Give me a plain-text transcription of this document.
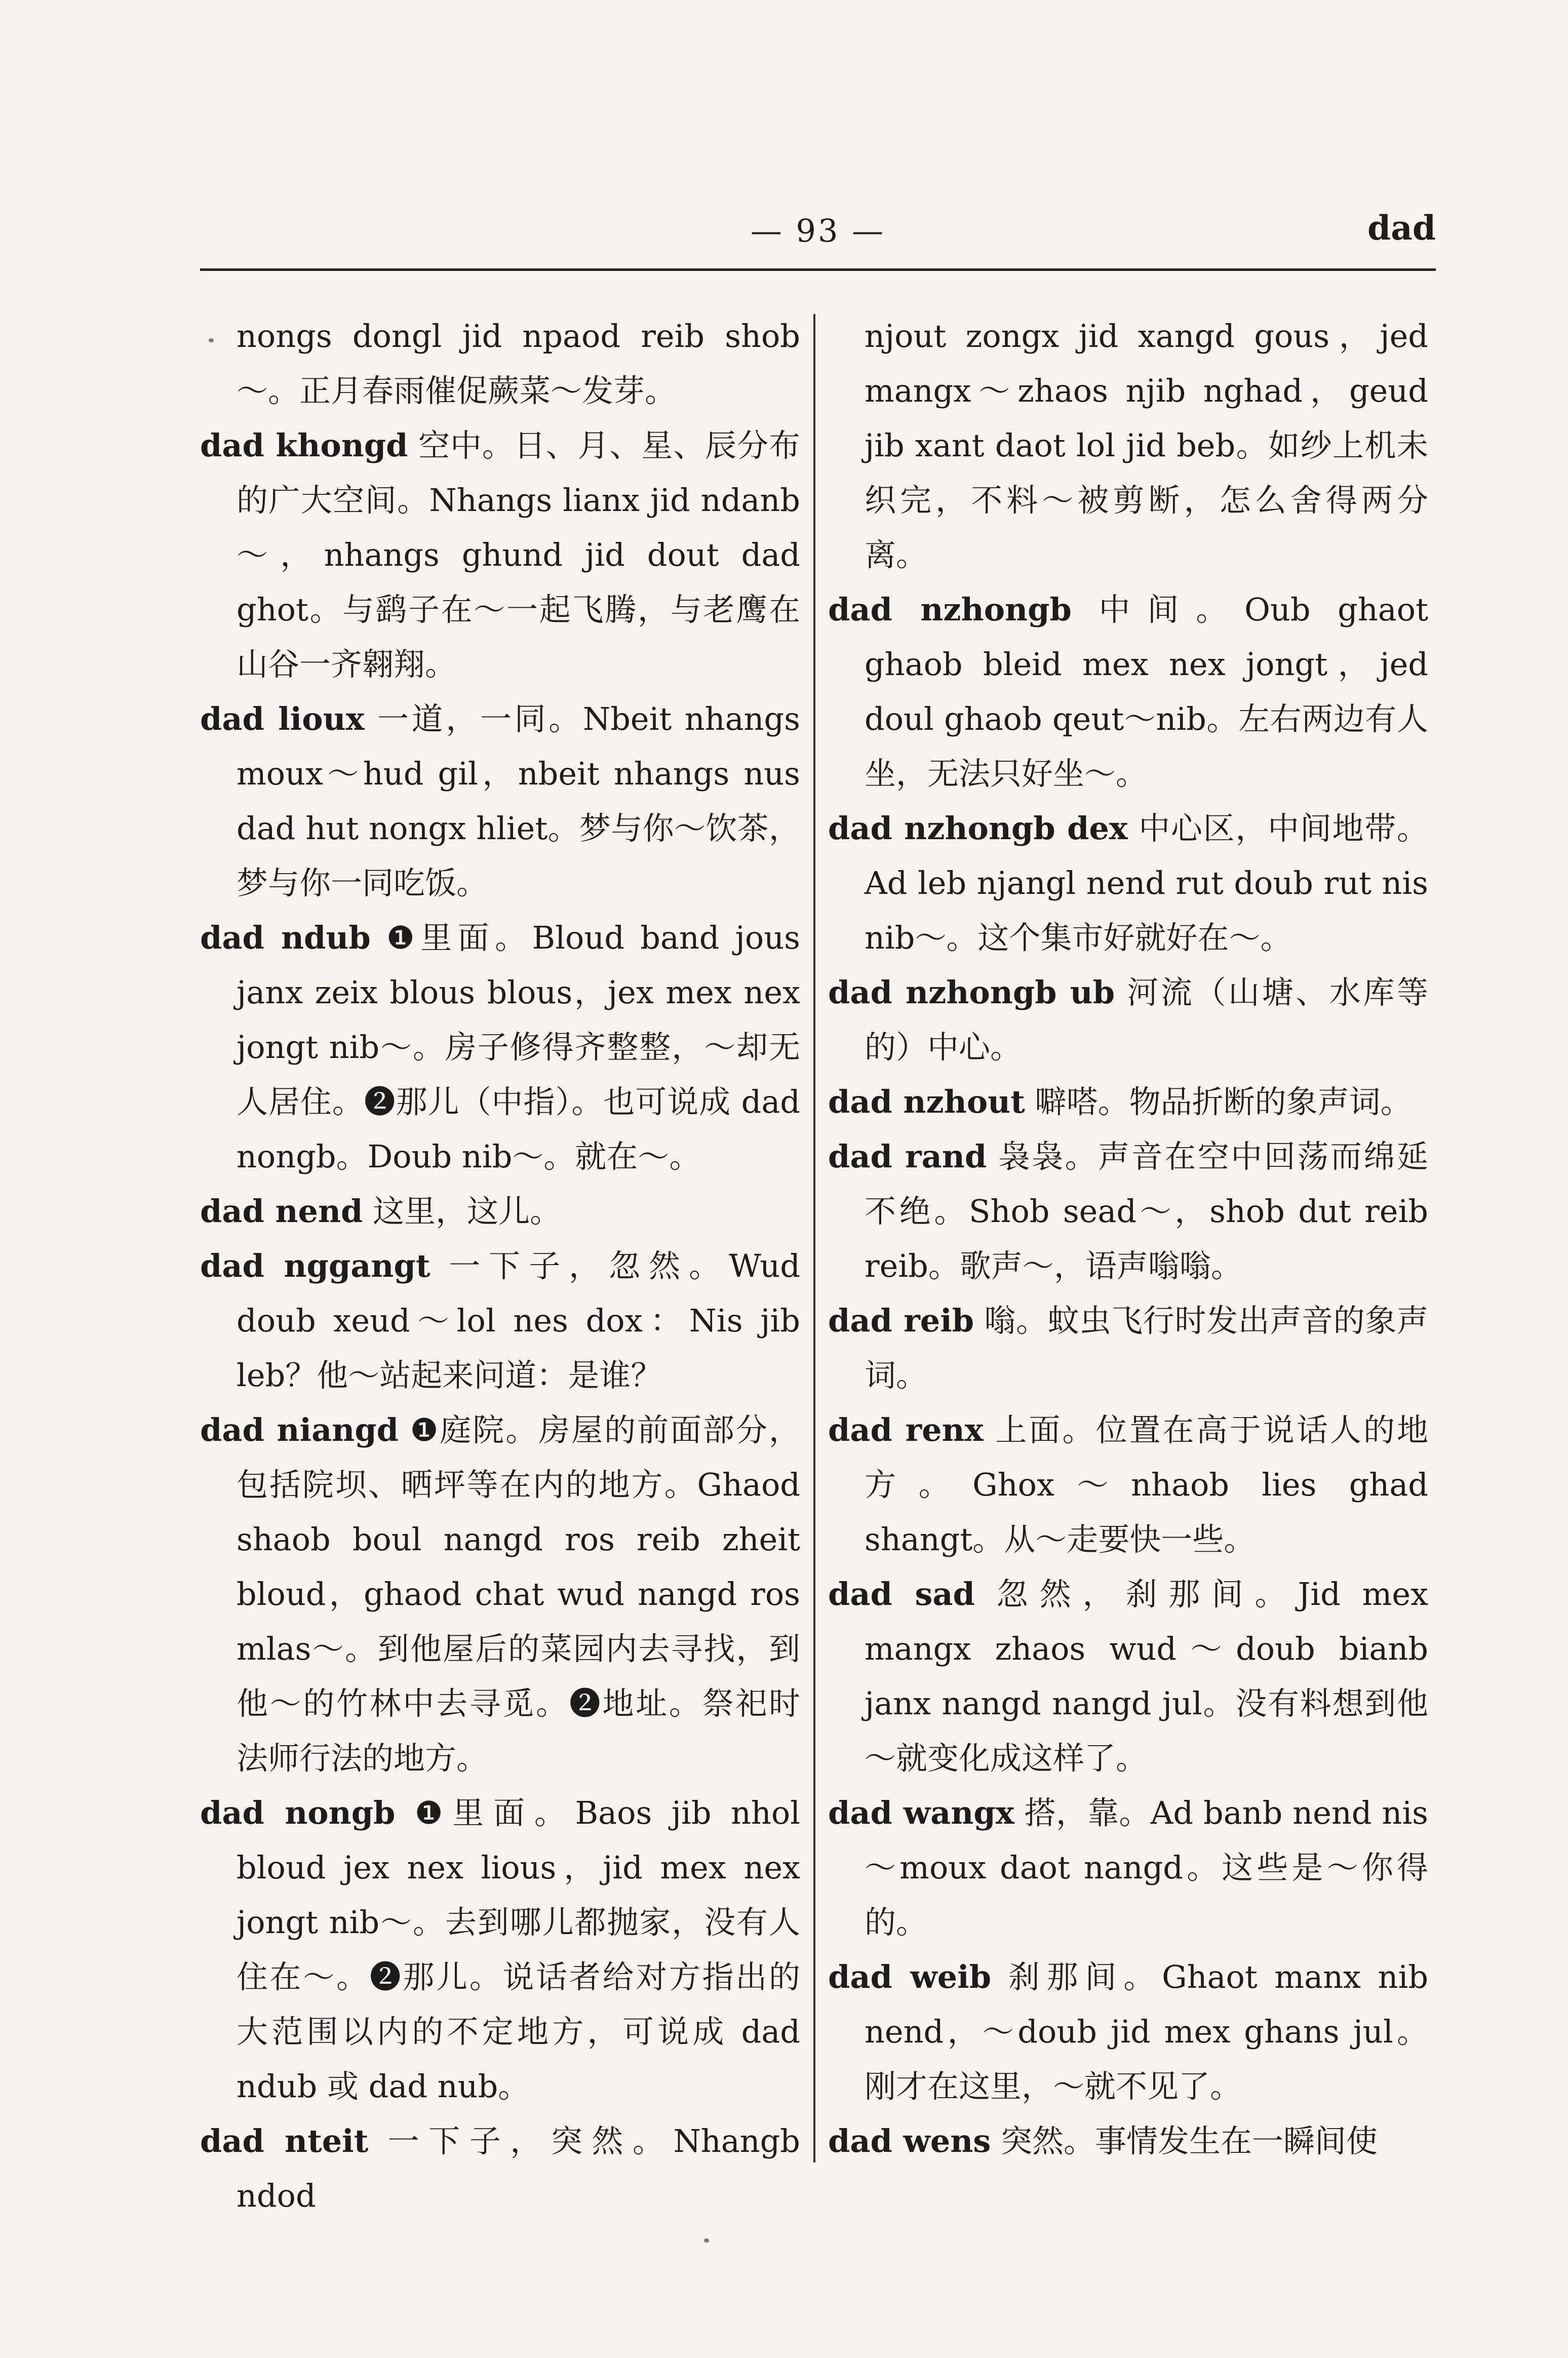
— 93 —	dad
nongs dongl jid npaod reib shob～。正月春雨催促蕨菜～发芽。
dad khongd 空中。日、月、星、辰分布的广大空间。Nhangs lianx jid ndanb～，nhangs ghund jid dout dad ghot。与鹞子在～一起飞腾，与老鹰在山谷一齐翱翔。
dad lioux 一道，一同。Nbeit nhangs moux～hud gil，nbeit nhangs nus dad hut nongx hliet。梦与你～饮茶，梦与你一同吃饭。
dad ndub ❶里面。Bloud band jous janx zeix blous blous，jex mex nex jongt nib～。房子修得齐整整，～却无人居住。❷那儿（中指）。也可说成 dad nongb。Doub nib～。就在～。
dad nend 这里，这儿。
dad nggangt 一下子，忽然。Wud doub xeud～lol nes dox：Nis jib leb？他～站起来问道：是谁？
dad niangd ❶庭院。房屋的前面部分，包括院坝、晒坪等在内的地方。Ghaod shaob boul nangd ros reib zheit bloud，ghaod chat wud nangd ros mlas～。到他屋后的菜园内去寻找，到他～的竹林中去寻觅。❷地址。祭祀时法师行法的地方。
dad nongb ❶里面。Baos jib nhol bloud jex nex lious，jid mex nex jongt nib～。去到哪儿都抛家，没有人住在～。❷那儿。说话者给对方指出的大范围以内的不定地方，可说成 dad ndub 或 dad nub。
dad nteit 一下子，突然。Nhangb ndod
njout zongx jid xangd gous，jed mangx～zhaos njib nghad，geud jib xant daot lol jid beb。如纱上机未织完，不料～被剪断，怎么舍得两分离。
dad nzhongb 中间。Oub ghaot ghaob bleid mex nex jongt，jed doul ghaob qeut～nib。左右两边有人坐，无法只好坐～。
dad nzhongb dex 中心区，中间地带。Ad leb njangl nend rut doub rut nis nib～。这个集市好就好在～。
dad nzhongb ub 河流（山塘、水库等的）中心。
dad nzhout 噼嗒。物品折断的象声词。
dad rand 袅袅。声音在空中回荡而绵延不绝。Shob sead～，shob dut reib reib。歌声～，语声嗡嗡。
dad reib 嗡。蚊虫飞行时发出声音的象声词。
dad renx 上面。位置在高于说话人的地方。Ghox～nhaob lies ghad shangt。从～走要快一些。
dad sad 忽然，刹那间。Jid mex mangx zhaos wud～doub bianb janx nangd nangd jul。没有料想到他～就变化成这样了。
dad wangx 搭，靠。Ad banb nend nis～moux daot nangd。这些是～你得的。
dad weib 刹那间。Ghaot manx nib nend，～doub jid mex ghans jul。刚才在这里，～就不见了。
dad wens 突然。事情发生在一瞬间使
